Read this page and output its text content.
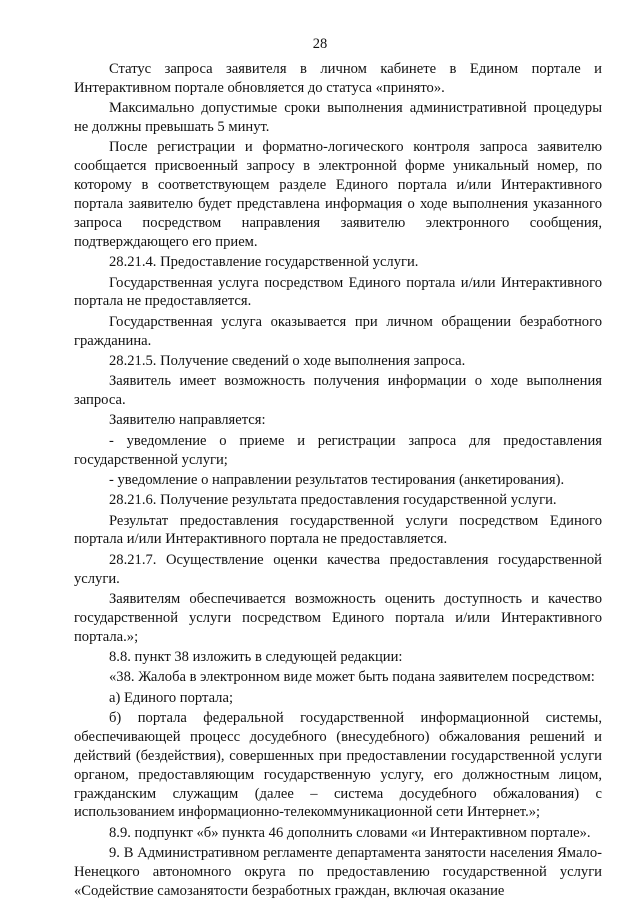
28

Статус запроса заявителя в личном кабинете в Едином портале и Интерактивном портале обновляется до статуса «принято».

Максимально допустимые сроки выполнения административной процедуры не должны превышать 5 минут.

После регистрации и форматно-логического контроля запроса заявителю сообщается присвоенный запросу в электронной форме уникальный номер, по которому в соответствующем разделе Единого портала и/или Интерактивного портала заявителю будет представлена информация о ходе выполнения указанного запроса посредством направления заявителю электронного сообщения, подтверждающего его прием.

28.21.4. Предоставление государственной услуги.

Государственная услуга посредством Единого портала и/или Интерактивного портала не предоставляется.

Государственная услуга оказывается при личном обращении безработного гражданина.

28.21.5. Получение сведений о ходе выполнения запроса.

Заявитель имеет возможность получения информации о ходе выполнения запроса.

Заявителю направляется:

- уведомление о приеме и регистрации запроса для предоставления государственной услуги;

- уведомление о направлении результатов тестирования (анкетирования).

28.21.6. Получение результата предоставления государственной услуги.

Результат предоставления государственной услуги посредством Единого портала и/или Интерактивного портала не предоставляется.

28.21.7. Осуществление оценки качества предоставления государственной услуги.

Заявителям обеспечивается возможность оценить доступность и качество государственной услуги посредством Единого портала и/или Интерактивного портала.»;

8.8. пункт 38 изложить в следующей редакции:

«38. Жалоба в электронном виде может быть подана заявителем посредством:

а) Единого портала;

б) портала федеральной государственной информационной системы, обеспечивающей процесс досудебного (внесудебного) обжалования решений и действий (бездействия), совершенных при предоставлении государственной услуги органом, предоставляющим государственную услугу, его должностным лицом, гражданским служащим (далее – система досудебного обжалования) с использованием информационно-телекоммуникационной сети Интернет.»;

8.9. подпункт «б» пункта 46 дополнить словами «и Интерактивном портале».

9. В Административном регламенте департамента занятости населения Ямало-Ненецкого автономного округа по предоставлению государственной услуги «Содействие самозанятости безработных граждан, включая оказание
